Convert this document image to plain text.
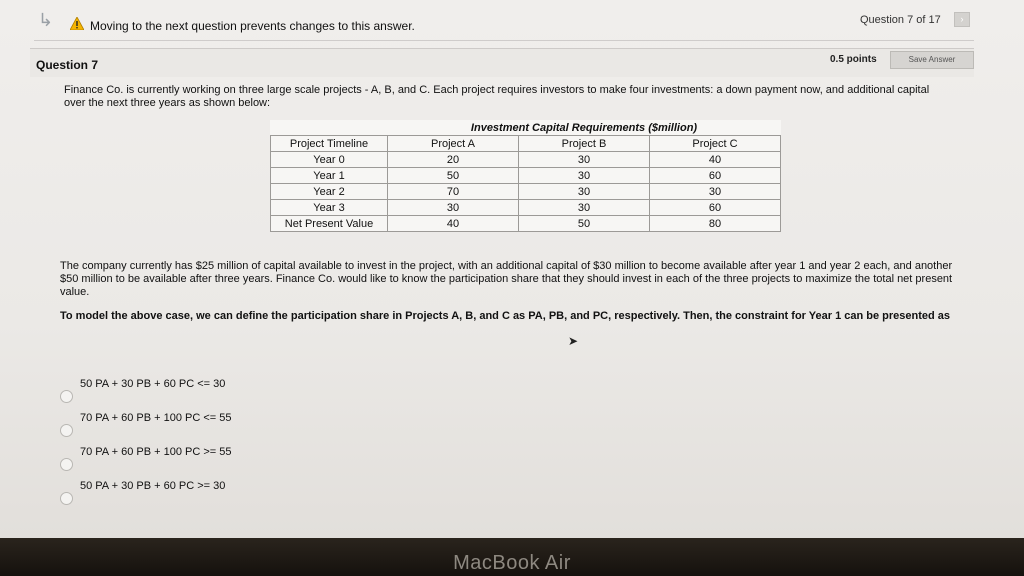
↳	Moving to the next question prevents changes to this answer.	Question 7 of 17	›
Question 7	0.5 points	Save Answer
Finance Co. is currently working on three large scale projects - A, B, and C. Each project requires investors to make four investments: a down payment now, and additional capital over the next three years as shown below:
	Investment Capital Requirements ($million)		
Project Timeline	Project A	Project B	Project C
Year 0	20	30	40
Year 1	50	30	60
Year 2	70	30	30
Year 3	30	30	60
Net Present Value	40	50	80
The company currently has $25 million of capital available to invest in the project, with an additional capital of $30 million to become available after year 1 and year 2 each, and another $50 million to be available after three years. Finance Co. would like to know the participation share that they should invest in each of the three projects to maximize the total net present value.
To model the above case, we can define the participation share in Projects A, B, and C as PA, PB, and PC, respectively. Then, the constraint for Year 1 can be presented as
➤
50 PA + 30 PB + 60 PC <= 30
70 PA + 60 PB + 100 PC <= 55
70 PA + 60 PB + 100 PC >= 55
50 PA + 30 PB + 60 PC >= 30
MacBook Air
